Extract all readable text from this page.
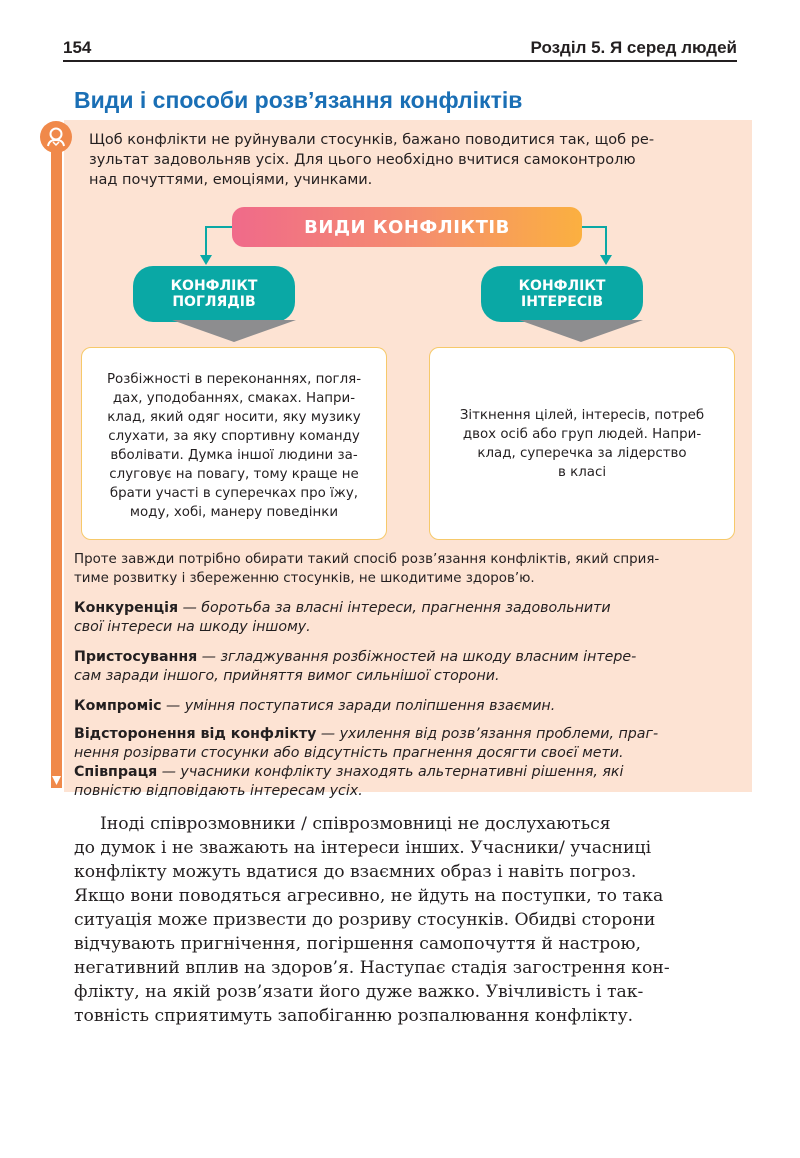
154	Розділ 5. Я серед людей
Види і способи розв’язання конфліктів
Щоб конфлікти не руйнували стосунків, бажано поводитися так, щоб ре-
зультат задовольняв усіх. Для цього необхідно вчитися самоконтролю
над почуттями, емоціями, учинками.
ВИДИ КОНФЛІКТІВ
КОНФЛІКТ
ПОГЛЯДІВ
КОНФЛІКТ
ІНТЕРЕСІВ
Розбіжності в переконаннях, погля-
дах, уподобаннях, смаках. Напри-
клад, який одяг носити, яку музику
слухати, за яку спортивну команду
вболівати. Думка іншої людини за-
слуговує на повагу, тому краще не
брати участі в суперечках про їжу,
моду, хобі, манеру поведінки
Зіткнення цілей, інтересів, потреб
двох осіб або груп людей. Напри-
клад, суперечка за лідерство
в класі
Проте завжди потрібно обирати такий спосіб розв’язання конфліктів, який сприя-
тиме розвитку і збереженню стосунків, не шкодитиме здоров’ю.
Конкуренція — боротьба за власні інтереси, прагнення задовольнити
свої інтереси на шкоду іншому.
Пристосування — згладжування розбіжностей на шкоду власним інтере-
сам заради іншого, прийняття вимог сильнішої сторони.
Компроміс — уміння поступатися заради поліпшення взаємин.
Відсторонення від конфлікту — ухилення від розв’язання проблеми, праг-
нення розірвати стосунки або відсутність прагнення досягти своєї мети.
Співпраця — учасники конфлікту знаходять альтернативні рішення, які
повністю відповідають інтересам усіх.
Іноді співрозмовники / співрозмовниці не дослухаються
до думок і не зважають на інтереси інших. Учасники/ учасниці
конфлікту можуть вдатися до взаємних образ і навіть погроз.
Якщо вони поводяться агресивно, не йдуть на поступки, то така
ситуація може призвести до розриву стосунків. Обидві сторони
відчувають пригнічення, погіршення самопочуття й настрою,
негативний вплив на здоров’я. Наступає стадія загострення кон-
флікту, на якій розв’язати його дуже важко. Увічливість і так-
товність сприятимуть запобіганню розпалювання конфлікту.
